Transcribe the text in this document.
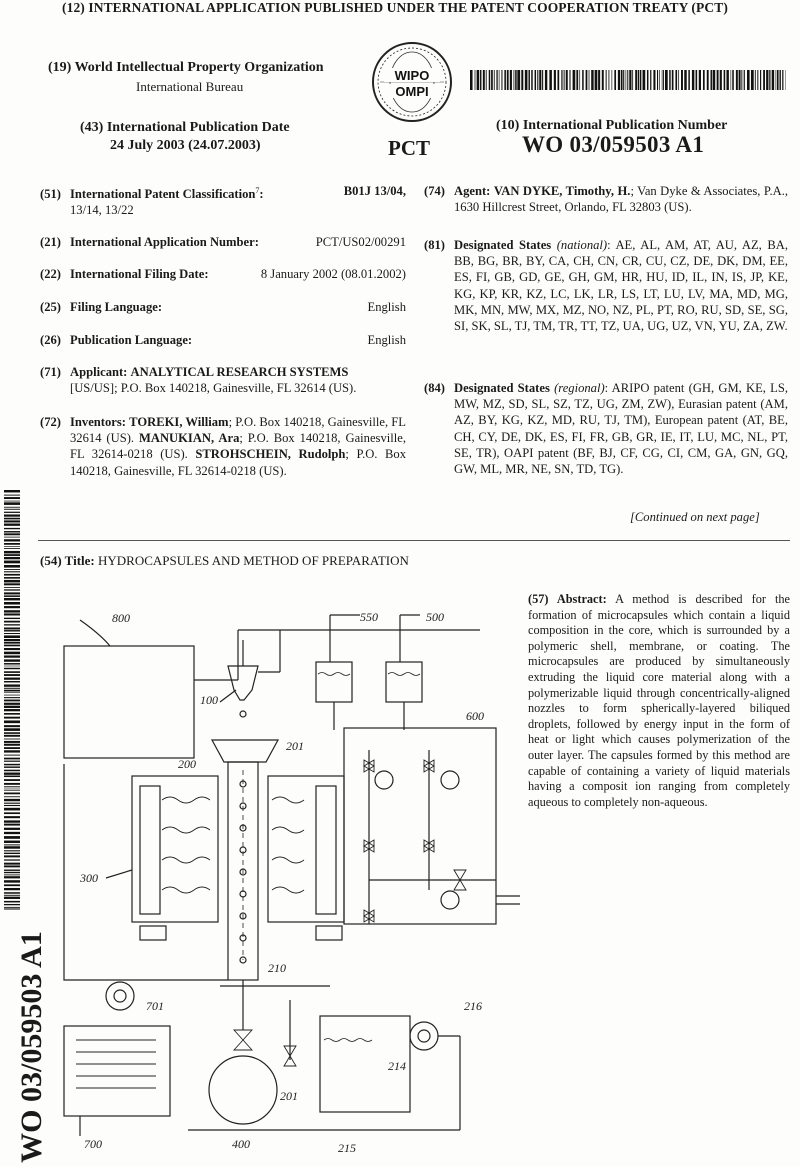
(12) INTERNATIONAL APPLICATION PUBLISHED UNDER THE PATENT COOPERATION TREATY (PCT)
(19) World Intellectual Property Organization
International Bureau
WIPO
OMPI
(43) International Publication Date
24 July 2003 (24.07.2003)	PCT
(10) International Publication Number
WO 03/059503 A1
(51) International Patent Classification$^7$:	B01J 13/04,
13/14, 13/22
(21) International Application Number:	PCT/US02/00291
(22) International Filing Date:	8 January 2002 (08.01.2002)
(25) Filing Language:	English
(26) Publication Language:	English
(71) Applicant: ANALYTICAL RESEARCH SYSTEMS
[US/US]; P.O. Box 140218, Gainesville, FL 32614 (US).
(72) Inventors: TOREKI, William; P.O. Box 140218, Gainesville, FL 32614 (US). MANUKIAN, Ara; P.O. Box 140218, Gainesville, FL 32614-0218 (US). STROHSCHEIN, Rudolph; P.O. Box 140218, Gainesville, FL 32614-0218 (US).
(74) Agent: VAN DYKE, Timothy, H.; Van Dyke & Associates, P.A., 1630 Hillcrest Street, Orlando, FL 32803 (US).
(81) Designated States (national): AE, AL, AM, AT, AU, AZ, BA, BB, BG, BR, BY, CA, CH, CN, CR, CU, CZ, DE, DK, DM, EE, ES, FI, GB, GD, GE, GH, GM, HR, HU, ID, IL, IN, IS, JP, KE, KG, KP, KR, KZ, LC, LK, LR, LS, LT, LU, LV, MA, MD, MG, MK, MN, MW, MX, MZ, NO, NZ, PL, PT, RO, RU, SD, SE, SG, SI, SK, SL, TJ, TM, TR, TT, TZ, UA, UG, UZ, VN, YU, ZA, ZW.
(84) Designated States (regional): ARIPO patent (GH, GM, KE, LS, MW, MZ, SD, SL, SZ, TZ, UG, ZM, ZW), Eurasian patent (AM, AZ, BY, KG, KZ, MD, RU, TJ, TM), European patent (AT, BE, CH, CY, DE, DK, ES, FI, FR, GB, GR, IE, IT, LU, MC, NL, PT, SE, TR), OAPI patent (BF, BJ, CF, CG, CI, CM, GA, GN, GQ, GW, ML, MR, NE, SN, TD, TG).
[Continued on next page]
(54) Title: HYDROCAPSULES AND METHOD OF PREPARATION
(57) Abstract: A method is described for the formation of microcapsules which contain a liquid composition in the core, which is surrounded by a polymeric shell, membrane, or coating. The microcapsules are produced by simultaneously extruding the liquid core material along with a polymerizable liquid through concentrically-aligned nozzles to form spherically-layered biliqued droplets, followed by energy input in the form of heat or light which causes polymerization of the outer layer. The capsules formed by this method are capable of containing a variety of liquid materials having a composit ion ranging from completely aqueous to completely non-aqueous.
WO 03/059503 A1
800	550	500
100
600
200
201
210
300
701
700	400
201
214
216
215
